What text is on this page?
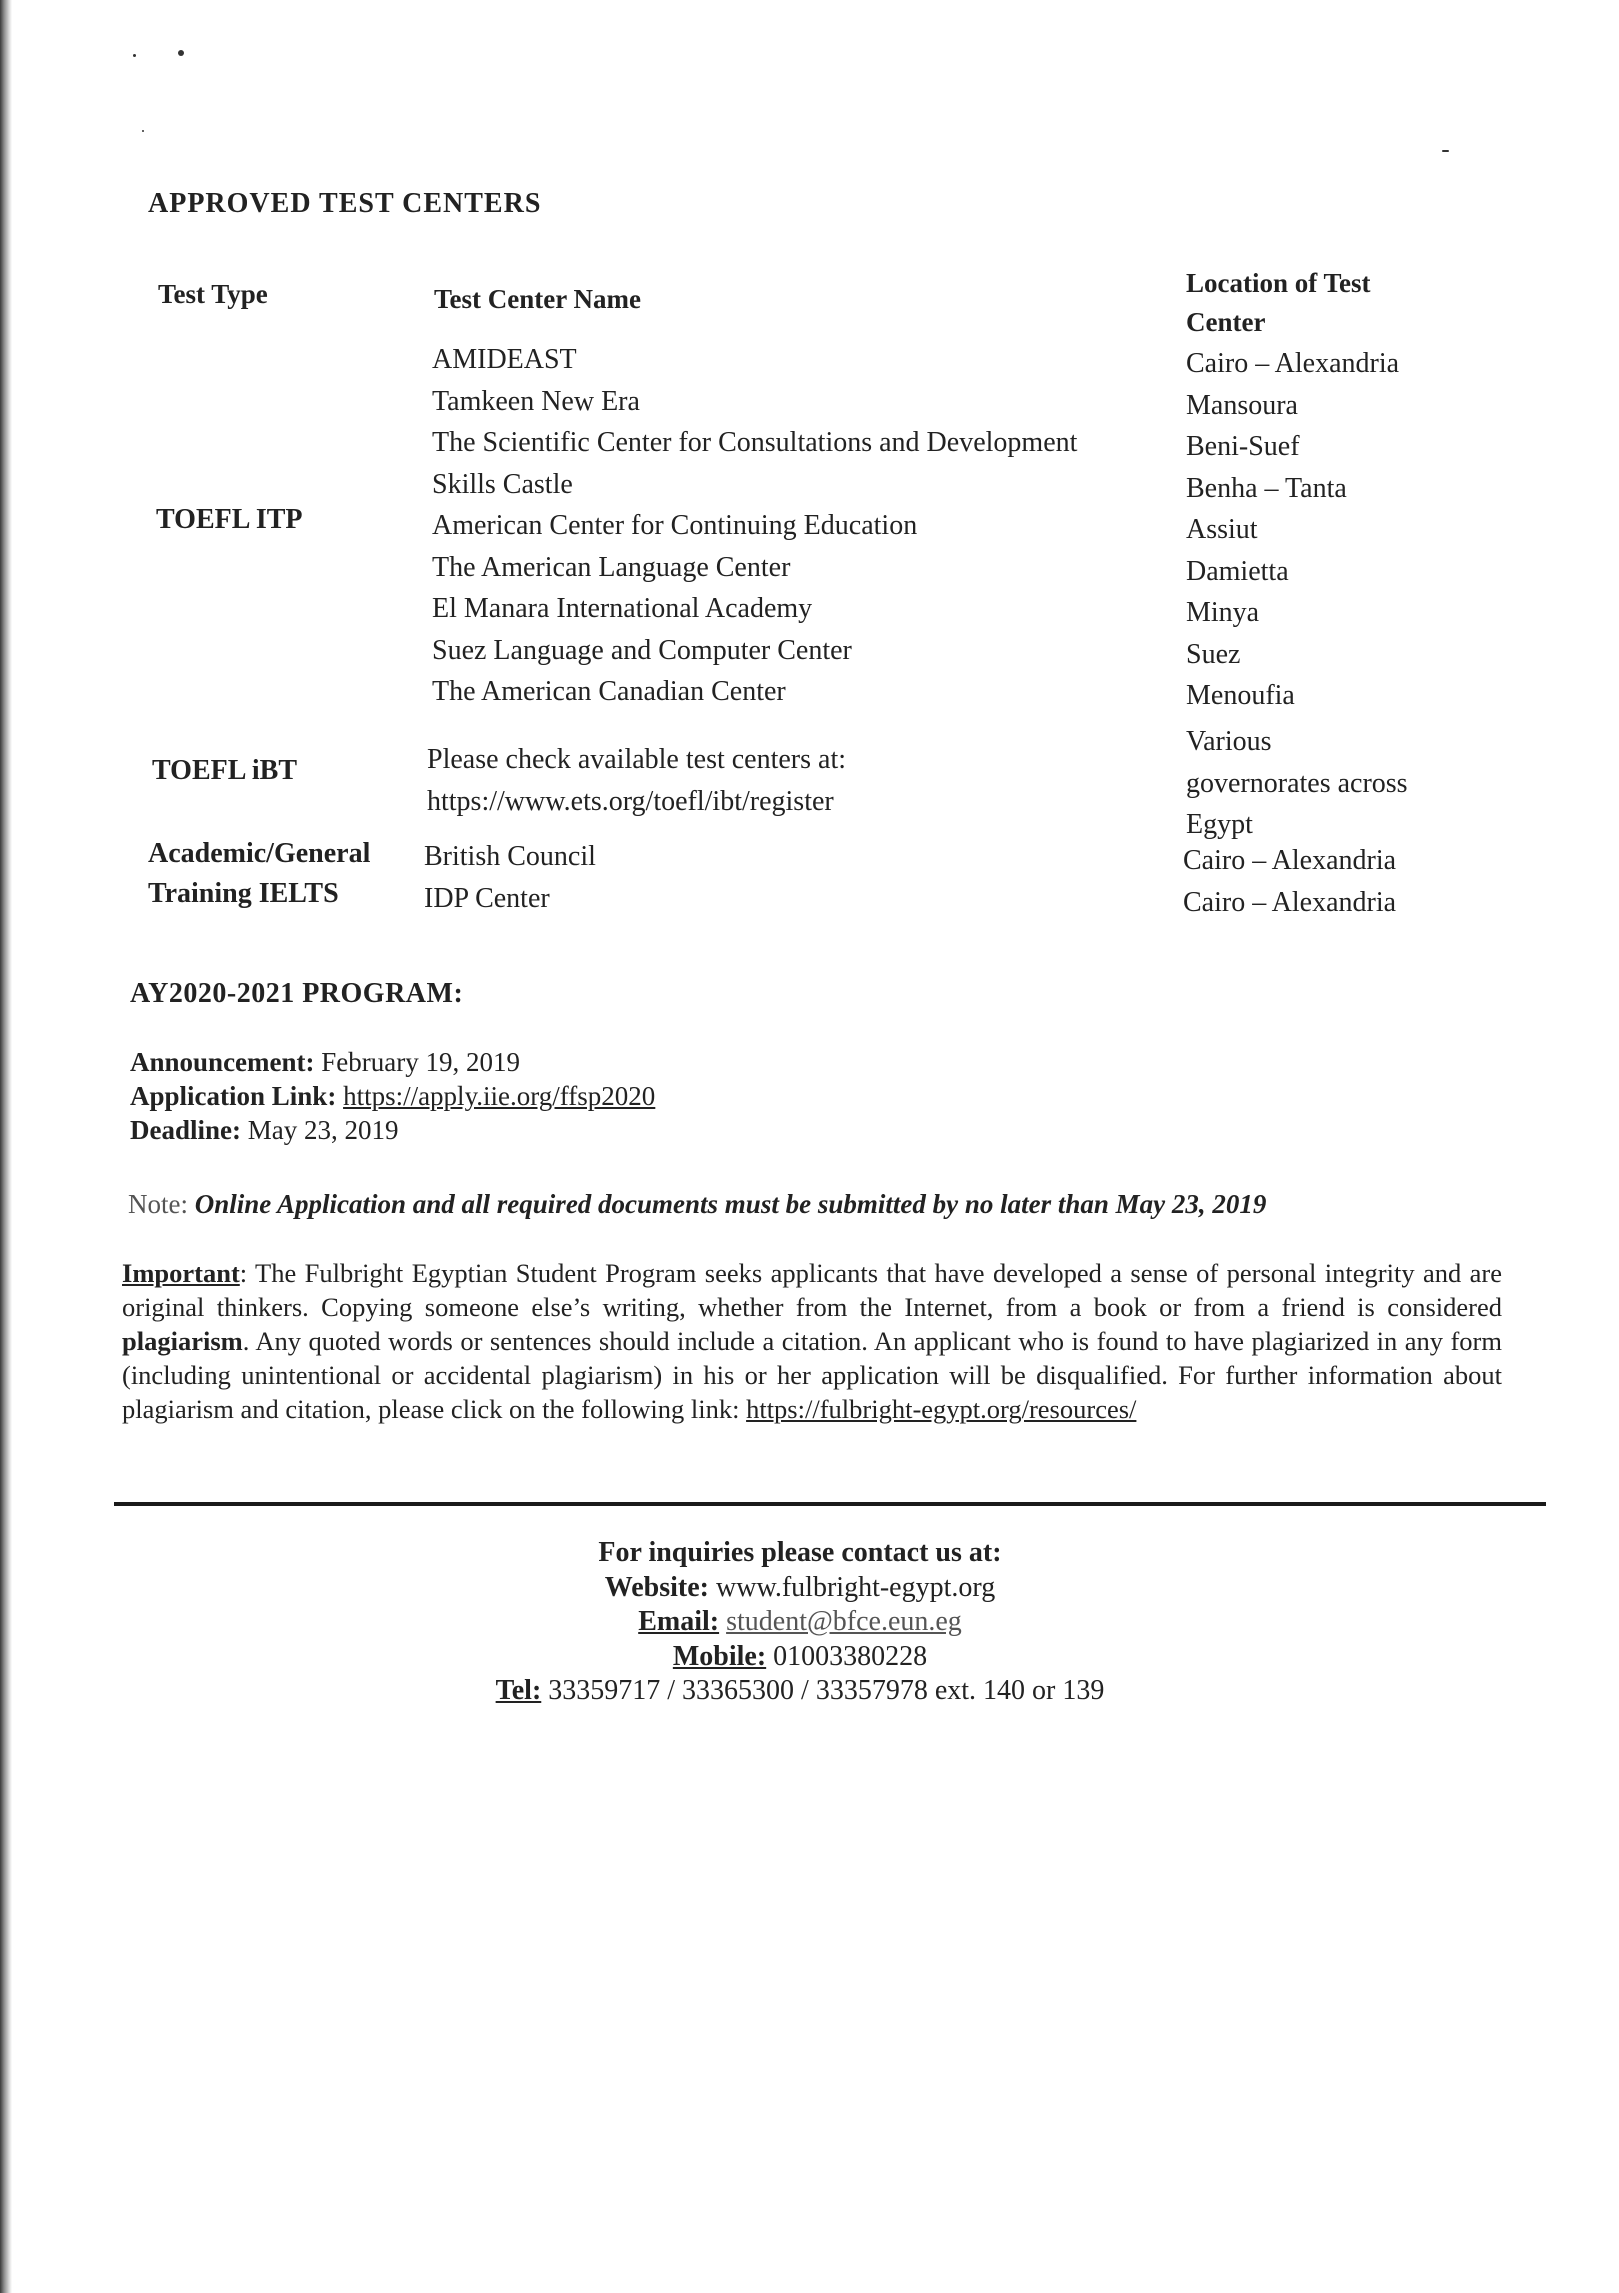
APPROVED TEST CENTERS
Test Type	Test Center Name
Location of Test Center
TOEFL ITP
AMIDEAST
Tamkeen New Era
The Scientific Center for Consultations and Development
Skills Castle
American Center for Continuing Education
The American Language Center
El Manara International Academy
Suez Language and Computer Center
The American Canadian Center
Cairo – Alexandria
Mansoura
Beni-Suef
Benha – Tanta
Assiut
Damietta
Minya
Suez
Menoufia
TOEFL iBT	Please check available test centers at:
https://www.ets.org/toefl/ibt/register
Various
governorates across
Egypt
Academic/General
Training IELTS
British Council
IDP Center
Cairo – Alexandria
Cairo – Alexandria
AY2020-2021 PROGRAM:
Announcement: February 19, 2019
Application Link: https://apply.iie.org/ffsp2020
Deadline: May 23, 2019
Note: Online Application and all required documents must be submitted by no later than May 23, 2019
Important: The Fulbright Egyptian Student Program seeks applicants that have developed a sense of personal integrity and are original thinkers. Copying someone else’s writing, whether from the Internet, from a book or from a friend is considered plagiarism. Any quoted words or sentences should include a citation. An applicant who is found to have plagiarized in any form (including unintentional or accidental plagiarism) in his or her application will be disqualified. For further information about plagiarism and citation, please click on the following link: https://fulbright-egypt.org/resources/
For inquiries please contact us at:
Website: www.fulbright-egypt.org
Email: student@bfce.eun.eg
Mobile: 01003380228
Tel: 33359717 / 33365300 / 33357978 ext. 140 or 139
